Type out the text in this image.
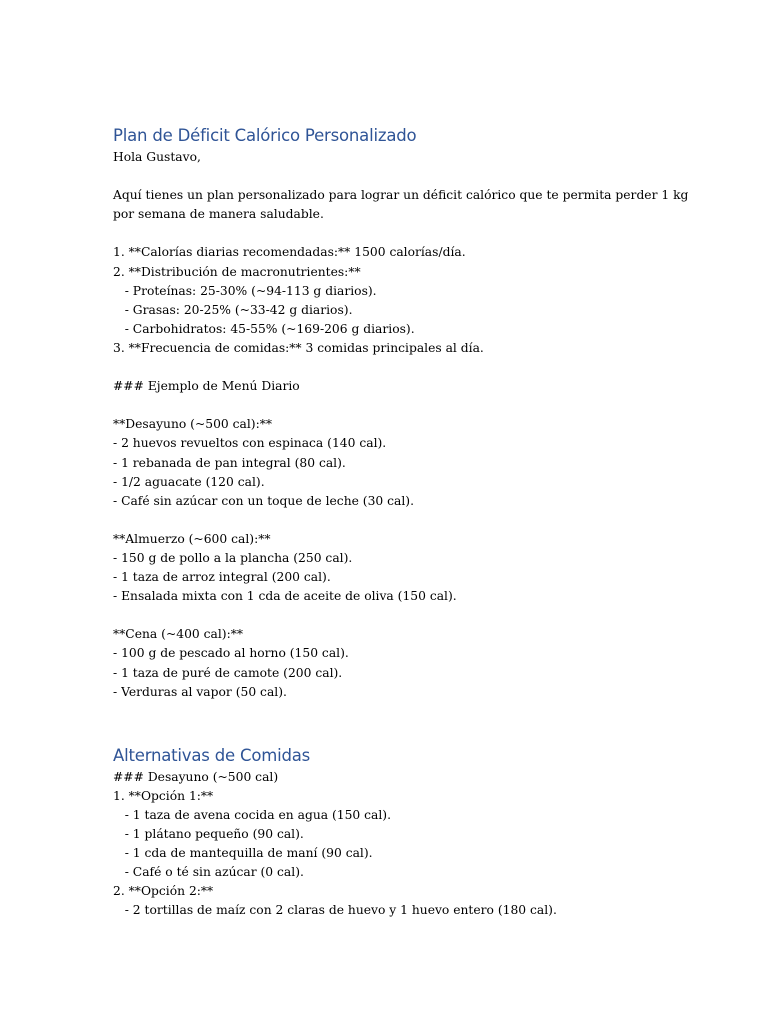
Plan de Déficit Calórico Personalizado

Hola Gustavo,

Aquí tienes un plan personalizado para lograr un déficit calórico que te permita perder 1 kg

por semana de manera saludable.

1. **Calorías diarias recomendadas:** 1500 calorías/día.

2. **Distribución de macronutrientes:**

- Proteínas: 25-30% (~94-113 g diarios).

- Grasas: 20-25% (~33-42 g diarios).

- Carbohidratos: 45-55% (~169-206 g diarios).

3. **Frecuencia de comidas:** 3 comidas principales al día.

### Ejemplo de Menú Diario

**Desayuno (~500 cal):**

- 2 huevos revueltos con espinaca (140 cal).

- 1 rebanada de pan integral (80 cal).

- 1/2 aguacate (120 cal).

- Café sin azúcar con un toque de leche (30 cal).

**Almuerzo (~600 cal):**

- 150 g de pollo a la plancha (250 cal).

- 1 taza de arroz integral (200 cal).

- Ensalada mixta con 1 cda de aceite de oliva (150 cal).

**Cena (~400 cal):**

- 100 g de pescado al horno (150 cal).

- 1 taza de puré de camote (200 cal).

- Verduras al vapor (50 cal).

Alternativas de Comidas

### Desayuno (~500 cal)

1. **Opción 1:**

- 1 taza de avena cocida en agua (150 cal).

- 1 plátano pequeño (90 cal).

- 1 cda de mantequilla de maní (90 cal).

- Café o té sin azúcar (0 cal).

2. **Opción 2:**

- 2 tortillas de maíz con 2 claras de huevo y 1 huevo entero (180 cal).
